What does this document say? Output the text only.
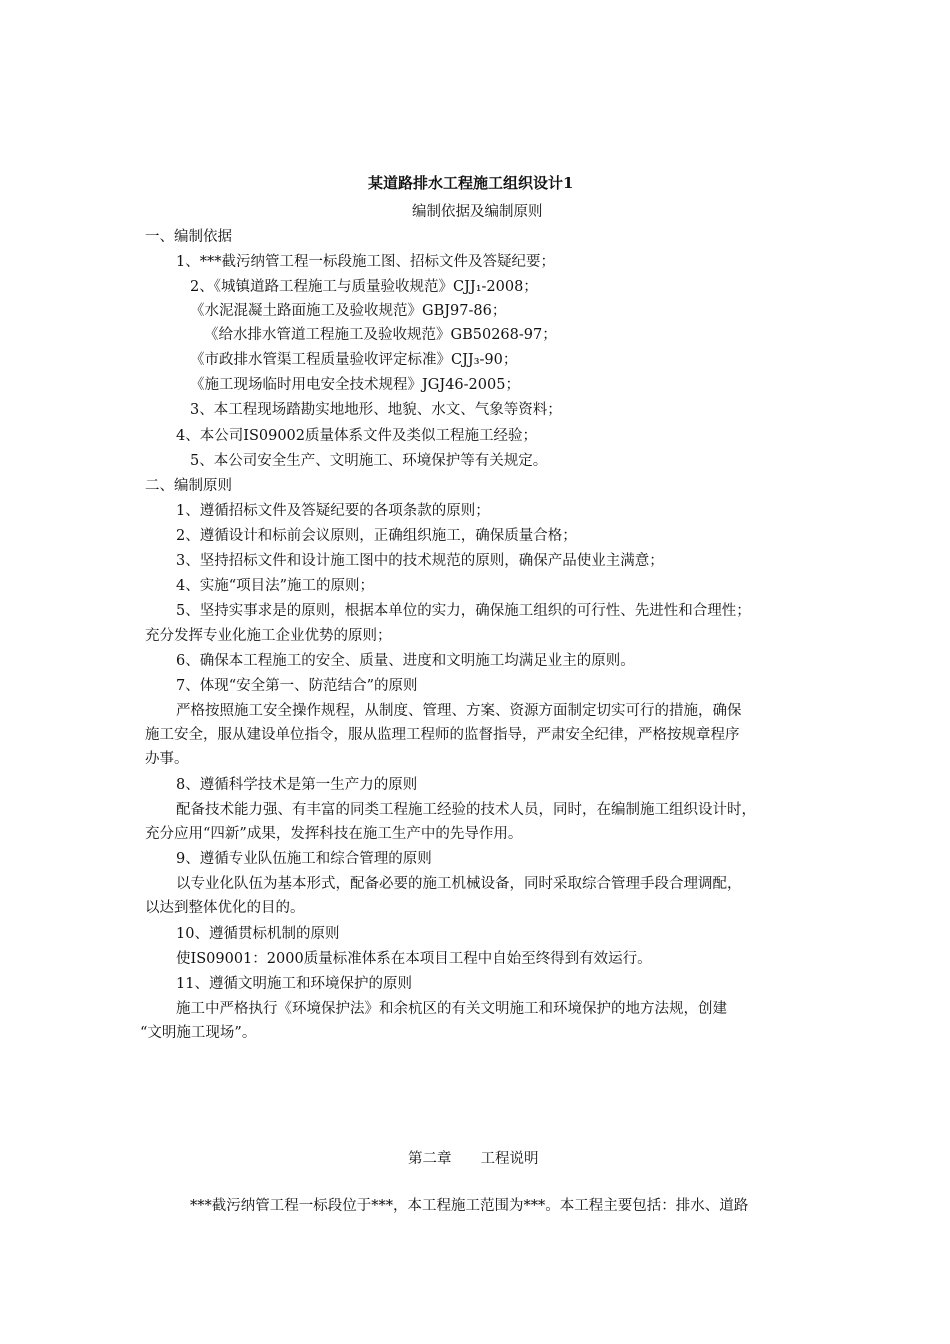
某道路排水工程施工组织设计1
编制依据及编制原则
一、编制依据
1、***截污纳管工程一标段施工图、招标文件及答疑纪要；
2、《城镇道路工程施工与质量验收规范》CJJ₁-2008；
《水泥混凝土路面施工及验收规范》GBJ97-86；
《给水排水管道工程施工及验收规范》GB50268-97；
《市政排水管渠工程质量验收评定标准》CJJ₃-90；
《施工现场临时用电安全技术规程》JGJ46-2005；
3、本工程现场踏勘实地地形、地貌、水文、气象等资料；
4、本公司IS09002质量体系文件及类似工程施工经验；
5、本公司安全生产、文明施工、环境保护等有关规定。
二、编制原则
1、遵循招标文件及答疑纪要的各项条款的原则；
2、遵循设计和标前会议原则，正确组织施工，确保质量合格；
3、坚持招标文件和设计施工图中的技术规范的原则，确保产品使业主满意；
4、实施“项目法”施工的原则；
5、坚持实事求是的原则，根据本单位的实力，确保施工组织的可行性、先进性和合理性；
充分发挥专业化施工企业优势的原则；
6、确保本工程施工的安全、质量、进度和文明施工均满足业主的原则。
7、体现“安全第一、防范结合”的原则
严格按照施工安全操作规程，从制度、管理、方案、资源方面制定切实可行的措施，确保
施工安全，服从建设单位指令，服从监理工程师的监督指导，严肃安全纪律，严格按规章程序
办事。
8、遵循科学技术是第一生产力的原则
配备技术能力强、有丰富的同类工程施工经验的技术人员，同时，在编制施工组织设计时，
充分应用“四新”成果，发挥科技在施工生产中的先导作用。
9、遵循专业队伍施工和综合管理的原则
以专业化队伍为基本形式，配备必要的施工机械设备，同时采取综合管理手段合理调配，
以达到整体优化的目的。
10、遵循贯标机制的原则
使IS09001：2000质量标准体系在本项目工程中自始至终得到有效运行。
11、遵循文明施工和环境保护的原则
施工中严格执行《环境保护法》和余杭区的有关文明施工和环境保护的地方法规，创建
“文明施工现场”。
第二章　　工程说明
***截污纳管工程一标段位于***，本工程施工范围为***。本工程主要包括：排水、道路
